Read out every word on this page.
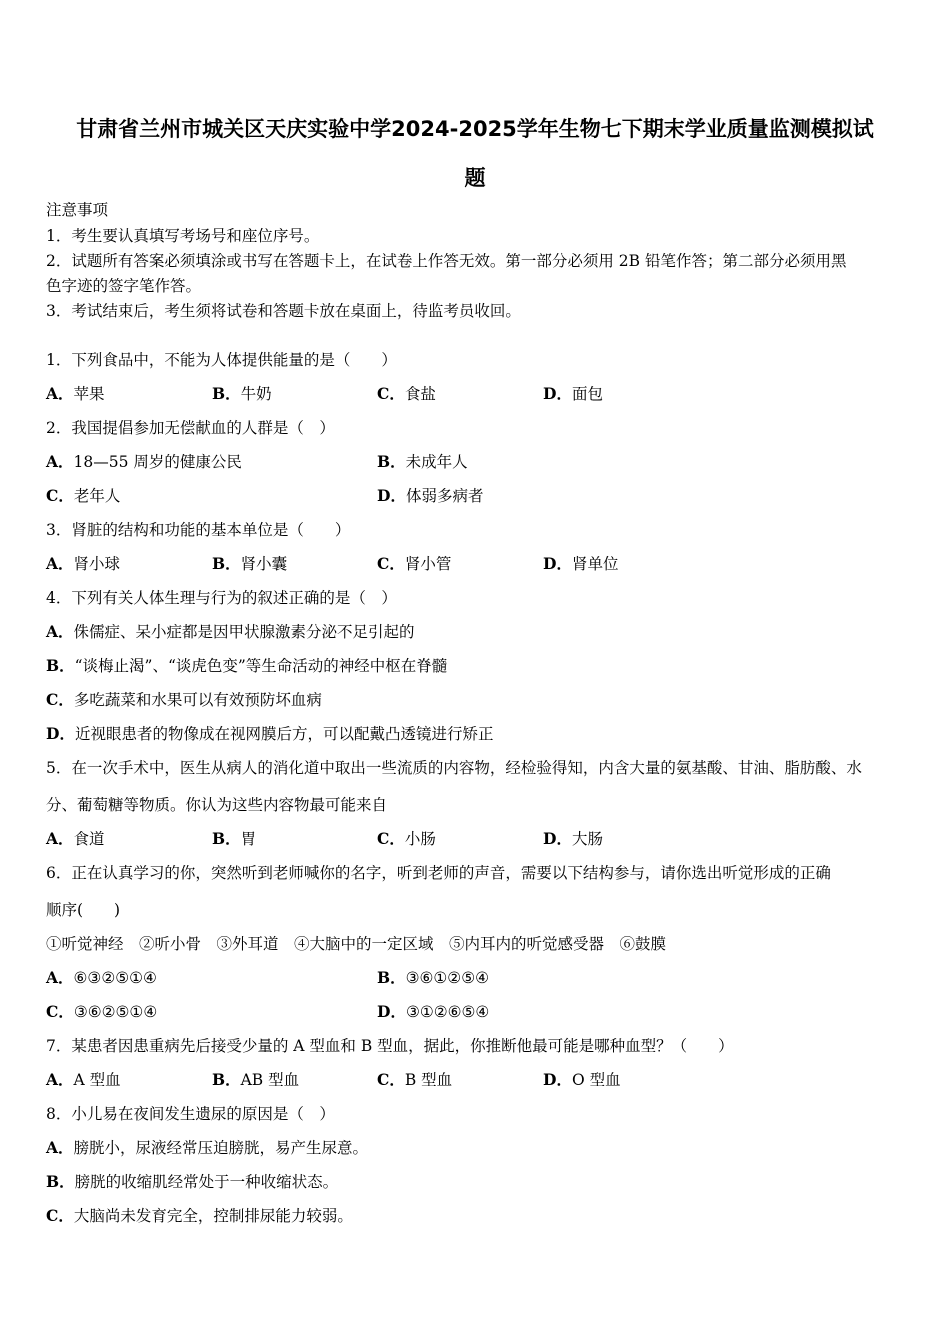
甘肃省兰州市城关区天庆实验中学2024-2025学年生物七下期末学业质量监测模拟试
题
注意事项
1．考生要认真填写考场号和座位序号。
2．试题所有答案必须填涂或书写在答题卡上，在试卷上作答无效。第一部分必须用 2B 铅笔作答；第二部分必须用黑
色字迹的签字笔作答。
3．考试结束后，考生须将试卷和答题卡放在桌面上，待监考员收回。
1．下列食品中，不能为人体提供能量的是（　　）
A．苹果	B．牛奶	C．食盐	D．面包
2．我国提倡参加无偿献血的人群是（　）
A．18—55 周岁的健康公民	B．未成年人
C．老年人	D．体弱多病者
3．肾脏的结构和功能的基本单位是（　　）
A．肾小球	B．肾小囊	C．肾小管	D．肾单位
4．下列有关人体生理与行为的叙述正确的是（　）
A．侏儒症、呆小症都是因甲状腺激素分泌不足引起的
B．“谈梅止渴”、“谈虎色变”等生命活动的神经中枢在脊髓
C．多吃蔬菜和水果可以有效预防坏血病
D．近视眼患者的物像成在视网膜后方，可以配戴凸透镜进行矫正
5．在一次手术中，医生从病人的消化道中取出一些流质的内容物，经检验得知，内含大量的氨基酸、甘油、脂肪酸、水
分、葡萄糖等物质。你认为这些内容物最可能来自
A．食道	B．胃	C．小肠	D．大肠
6．正在认真学习的你，突然听到老师喊你的名字，听到老师的声音，需要以下结构参与，请你选出听觉形成的正确
顺序(　　)
①听觉神经　②听小骨　③外耳道　④大脑中的一定区域　⑤内耳内的听觉感受器　⑥鼓膜
A．⑥③②⑤①④	B．③⑥①②⑤④
C．③⑥②⑤①④	D．③①②⑥⑤④
7．某患者因患重病先后接受少量的 A 型血和 B 型血，据此，你推断他最可能是哪种血型？（　　）
A．A 型血	B．AB 型血	C．B 型血	D．O 型血
8．小儿易在夜间发生遗尿的原因是（　）
A．膀胱小，尿液经常压迫膀胱，易产生尿意。
B．膀胱的收缩肌经常处于一种收缩状态。
C．大脑尚未发育完全，控制排尿能力较弱。
